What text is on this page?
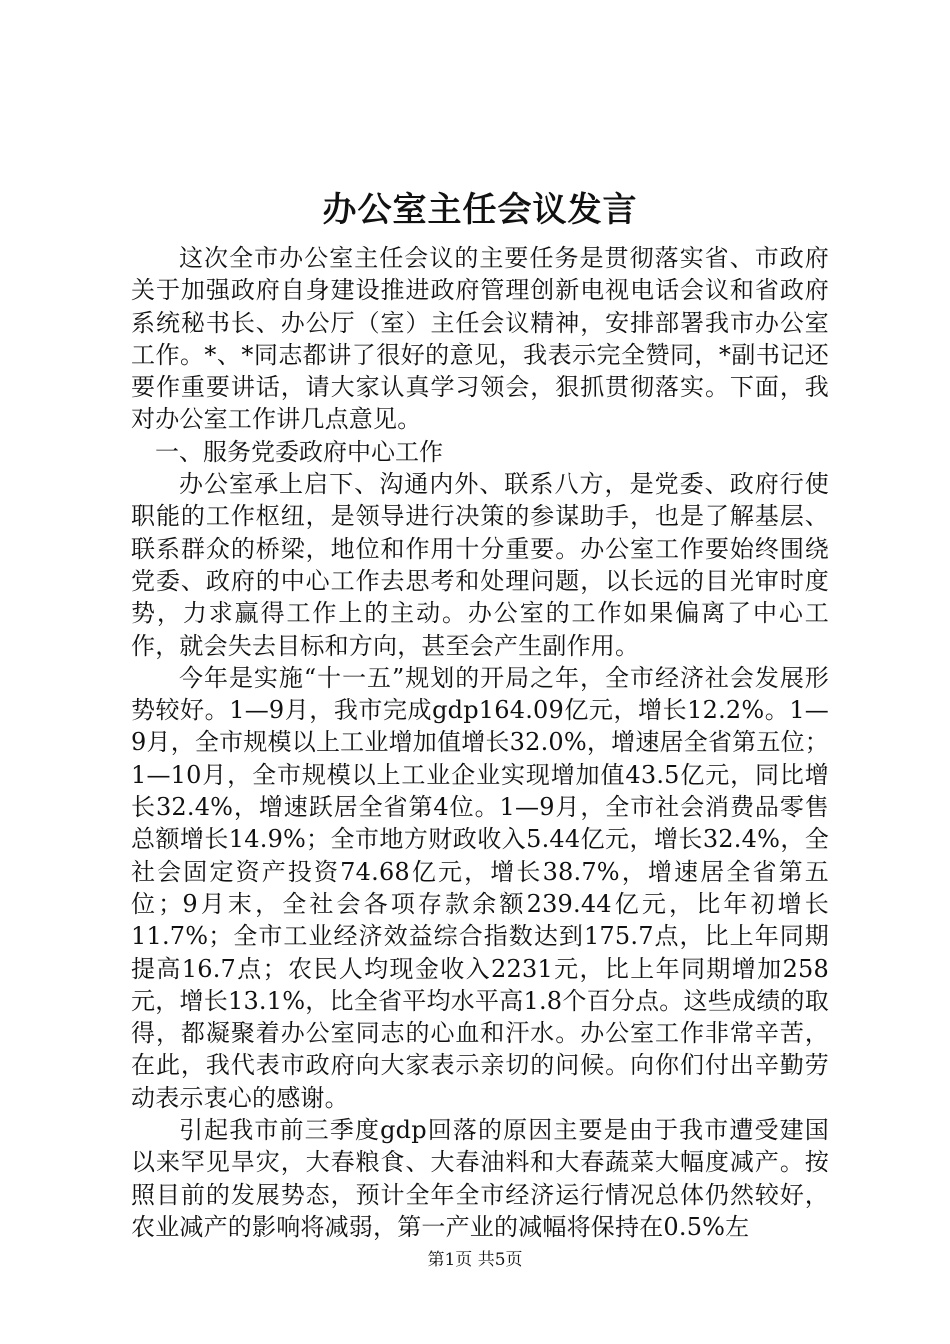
办公室主任会议发言

这次全市办公室主任会议的主要任务是贯彻落实省、市政府关于加强政府自身建设推进政府管理创新电视电话会议和省政府系统秘书长、办公厅（室）主任会议精神，安排部署我市办公室工作。*、*同志都讲了很好的意见，我表示完全赞同，*副书记还要作重要讲话，请大家认真学习领会，狠抓贯彻落实。下面，我对办公室工作讲几点意见。

一、服务党委政府中心工作

办公室承上启下、沟通内外、联系八方，是党委、政府行使职能的工作枢纽，是领导进行决策的参谋助手，也是了解基层、联系群众的桥梁，地位和作用十分重要。办公室工作要始终围绕党委、政府的中心工作去思考和处理问题，以长远的目光审时度势，力求赢得工作上的主动。办公室的工作如果偏离了中心工作，就会失去目标和方向，甚至会产生副作用。

今年是实施“十一五”规划的开局之年，全市经济社会发展形势较好。1—9月，我市完成gdp164.09亿元，增长12.2%。1—9月，全市规模以上工业增加值增长32.0%，增速居全省第五位；1—10月，全市规模以上工业企业实现增加值43.5亿元，同比增长32.4%，增速跃居全省第4位。1—9月，全市社会消费品零售总额增长14.9%；全市地方财政收入5.44亿元，增长32.4%，全社会固定资产投资74.68亿元，增长38.7%，增速居全省第五位；9月末，全社会各项存款余额239.44亿元，比年初增长11.7%；全市工业经济效益综合指数达到175.7点，比上年同期提高16.7点；农民人均现金收入2231元，比上年同期增加258元，增长13.1%，比全省平均水平高1.8个百分点。这些成绩的取得，都凝聚着办公室同志的心血和汗水。办公室工作非常辛苦，在此，我代表市政府向大家表示亲切的问候。向你们付出辛勤劳动表示衷心的感谢。

引起我市前三季度gdp回落的原因主要是由于我市遭受建国以来罕见旱灾，大春粮食、大春油料和大春蔬菜大幅度减产。按照目前的发展势态，预计全年全市经济运行情况总体仍然较好，农业减产的影响将减弱，第一产业的减幅将保持在0.5%左

第1页 共5页
